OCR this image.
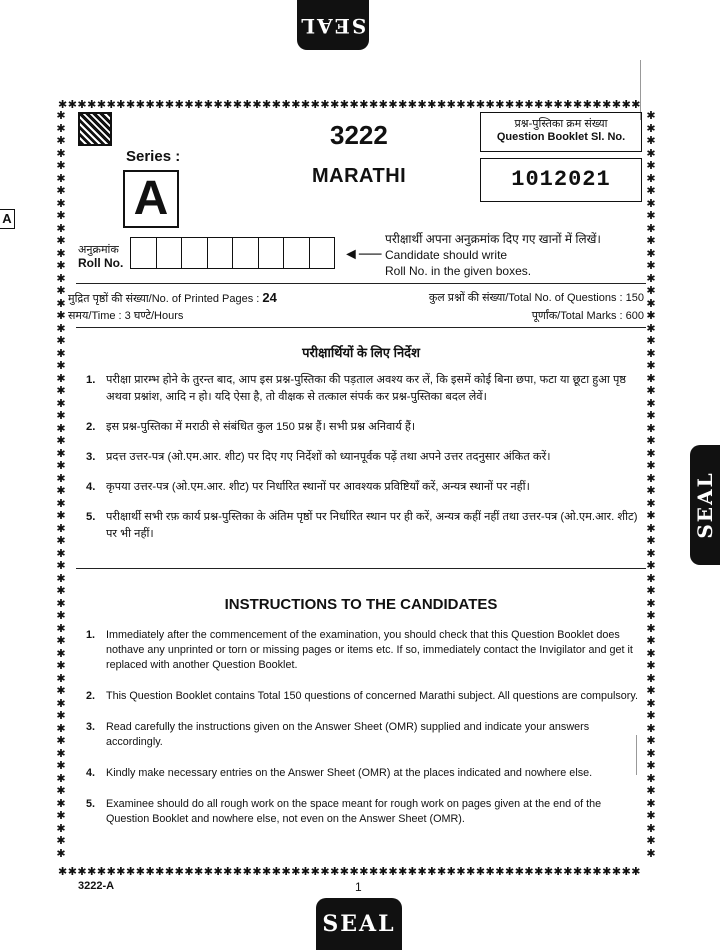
SEAL
SEAL
SEAL
A
✱✱✱✱✱✱✱✱✱✱✱✱✱✱✱✱✱✱✱✱✱✱✱✱✱✱✱✱✱✱✱✱✱✱✱✱✱✱✱✱✱✱✱✱✱✱✱✱✱✱✱✱✱✱✱✱✱✱✱✱
✱✱✱✱✱✱✱✱✱✱✱✱✱✱✱✱✱✱✱✱✱✱✱✱✱✱✱✱✱✱✱✱✱✱✱✱✱✱✱✱✱✱✱✱✱✱✱✱✱✱✱✱✱✱✱✱✱✱✱✱
✱ ✱ ✱ ✱ ✱ ✱ ✱ ✱ ✱ ✱ ✱ ✱ ✱ ✱ ✱ ✱ ✱ ✱ ✱ ✱ ✱ ✱ ✱ ✱ ✱ ✱ ✱ ✱ ✱ ✱ ✱ ✱ ✱ ✱ ✱ ✱ ✱ ✱ ✱ ✱ ✱ ✱ ✱ ✱ ✱ ✱ ✱ ✱ ✱ ✱ ✱ ✱ ✱ ✱ ✱ ✱ ✱ ✱ ✱ ✱
✱ ✱ ✱ ✱ ✱ ✱ ✱ ✱ ✱ ✱ ✱ ✱ ✱ ✱ ✱ ✱ ✱ ✱ ✱ ✱ ✱ ✱ ✱ ✱ ✱ ✱ ✱ ✱ ✱ ✱ ✱ ✱ ✱ ✱ ✱ ✱ ✱ ✱ ✱ ✱ ✱ ✱ ✱ ✱ ✱ ✱ ✱ ✱ ✱ ✱ ✱ ✱ ✱ ✱ ✱ ✱ ✱ ✱ ✱ ✱
3222
MARATHI
Series :
A
प्रश्न-पुस्तिका क्रम संख्या
Question Booklet Sl. No.
1012021
अनुक्रमांक
Roll No.	◄──
परीक्षार्थी अपना अनुक्रमांक दिए गए खानों में लिखें।
Candidate should write
Roll No. in the given boxes.
मुद्रित पृष्ठों की संख्या/No. of Printed Pages : 24
समय/Time : 3 घण्टे/Hours
कुल प्रश्नों की संख्या/Total No. of Questions : 150
पूर्णांक/Total Marks : 600
परीक्षार्थियों के लिए निर्देश
1. परीक्षा प्रारम्भ होने के तुरन्त बाद, आप इस प्रश्न-पुस्तिका की पड़ताल अवश्य कर लें, कि इसमें कोई बिना छपा, फटा या छूटा हुआ पृष्ठ अथवा प्रश्नांश, आदि न हो। यदि ऐसा है, तो वीक्षक से तत्काल संपर्क कर प्रश्न-पुस्तिका बदल लेवें।
2. इस प्रश्न-पुस्तिका में मराठी से संबंधित कुल 150 प्रश्न हैं। सभी प्रश्न अनिवार्य हैं।
3. प्रदत्त उत्तर-पत्र (ओ.एम.आर. शीट) पर दिए गए निर्देशों को ध्यानपूर्वक पढ़ें तथा अपने उत्तर तदनुसार अंकित करें।
4. कृपया उत्तर-पत्र (ओ.एम.आर. शीट) पर निर्धारित स्थानों पर आवश्यक प्रविष्टियाँ करें, अन्यत्र स्थानों पर नहीं।
5. परीक्षार्थी सभी रफ़ कार्य प्रश्न-पुस्तिका के अंतिम पृष्ठों पर निर्धारित स्थान पर ही करें, अन्यत्र कहीं नहीं तथा उत्तर-पत्र (ओ.एम.आर. शीट) पर भी नहीं।
INSTRUCTIONS TO THE CANDIDATES
1. Immediately after the commencement of the examination, you should check that this Question Booklet does nothave any unprinted or torn or missing pages or items etc. If so, immediately contact the Invigilator and get it replaced with another Question Booklet.
2. This Question Booklet contains Total 150 questions of concerned Marathi subject. All questions are compulsory.
3. Read carefully the instructions given on the Answer Sheet (OMR) supplied and indicate your answers accordingly.
4. Kindly make necessary entries on the Answer Sheet (OMR) at the places indicated and nowhere else.
5. Examinee should do all rough work on the space meant for rough work on pages given at the end of the Question Booklet and nowhere else, not even on the Answer Sheet (OMR).
3222-A	1
